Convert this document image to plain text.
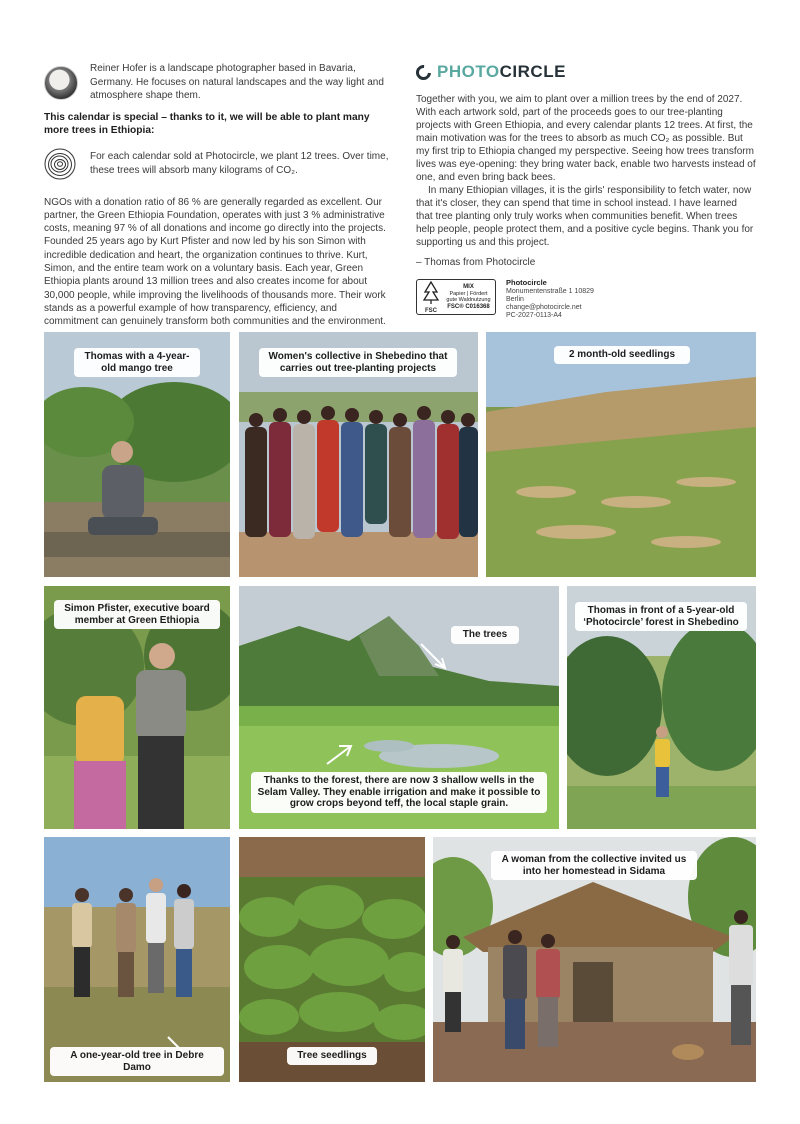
Reiner Hofer is a landscape photographer based in Bavaria, Germany. He focuses on natural landscapes and the way light and atmosphere shape them.

This calendar is special – thanks to it, we will be able to plant many more trees in Ethiopia:

For each calendar sold at Photocircle, we plant 12 trees. Over time, these trees will absorb many kilograms of CO₂.

NGOs with a donation ratio of 86 % are generally regarded as excellent. Our partner, the Green Ethiopia Foundation, operates with just 3 % administrative costs, meaning 97 % of all donations and income go directly into the projects. Founded 25 years ago by Kurt Pfister and now led by his son Simon with incredible dedication and heart, the organization continues to thrive. Kurt, Simon, and the entire team work on a voluntary basis. Each year, Green Ethiopia plants around 13 million trees and also creates income for about 30,000 people, while improving the livelihoods of thousands more. Their work stands as a powerful example of how transparency, efficiency, and commitment can genuinely transform both communities and the environment.

PHOTOCIRCLE

Together with you, we aim to plant over a million trees by the end of 2027. With each artwork sold, part of the proceeds goes to our tree-planting projects with Green Ethiopia, and every calendar plants 12 trees. At first, the main motivation was for the trees to absorb as much CO₂ as possible. But my first trip to Ethiopia changed my perspective. Seeing how trees transform lives was eye-opening: they bring water back, enable two harvests instead of one, and even bring back bees.

In many Ethiopian villages, it is the girls' responsibility to fetch water, now that it's closer, they can spend that time in school instead. I have learned that tree planting only truly works when communities benefit. When trees help people, people protect them, and a positive cycle begins. Thank you for supporting us and this project.

– Thomas from Photocircle

FSC
MIX
Papier | Fördert
gute Waldnutzung
FSC® C016368
Photocircle
Monumentenstraße 1 10829
Berlin
change@photocircle.net
PC-2027-0113-A4
Thomas with a 4-year-old mango tree
Women's collective in Shebedino that carries out tree-planting projects
2 month-old seedlings
Simon Pfister, executive board member at Green Ethiopia
The trees
Thanks to the forest, there are now 3 shallow wells in the Selam Valley. They enable irrigation and make it possible to grow crops beyond teff, the local staple grain.
Thomas in front of a 5-year-old ‘Photocircle’ forest in Shebedino
A one-year-old tree in Debre Damo
Tree seedlings
A woman from the collective invited us into her homestead in Sidama
